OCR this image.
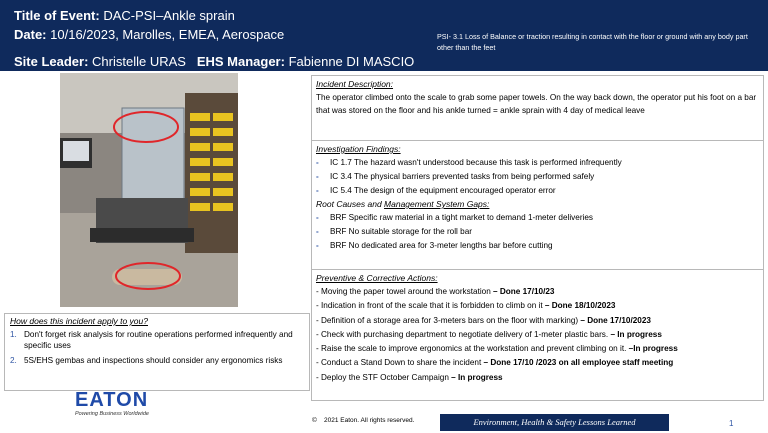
Title of Event: DAC-PSI–Ankle sprain
Date: 10/16/2023, Marolles, EMEA, Aerospace
Site Leader: Christelle URAS EHS Manager: Fabienne DI MASCIO
PSI- 3.1 Loss of Balance or traction resulting in contact with the floor or ground with any body part other than the feet
Incident Description:
The operator climbed onto the scale to grab some paper towels. On the way back down, the operator put his foot on a bar that was stored on the floor and his ankle turned = ankle sprain with 4 day of medical leave
Investigation Findings:
- IC 1.7 The hazard wasn't understood because this task is performed infrequently
- IC 3.4 The physical barriers prevented tasks from being performed safely
- IC 5.4 The design of the equipment encouraged operator error
Root Causes and Management System Gaps:
- BRF Specific raw material in a tight market to demand 1-meter deliveries
- BRF No suitable storage for the roll bar
- BRF No dedicated area for 3-meter lengths bar before cutting
Preventive & Corrective Actions:
- Moving the paper towel around the workstation – Done 17/10/23
- Indication in front of the scale that it is forbidden to climb on it – Done 18/10/2023
- Definition of a storage area for 3-meters bars on the floor with marking) – Done 17/10/2023
- Check with purchasing department to negotiate delivery of 1-meter plastic bars. – In progress
- Raise the scale to improve ergonomics at the workstation and prevent climbing on it. –In progress
- Conduct a Stand Down to share the incident – Done 17/10 /2023 on all employee staff meeting
- Deploy the STF October Campaign – In progress
How does this incident apply to you?
1. Don't forget risk analysis for routine operations performed infrequently and specific uses
2. 5S/EHS gembas and inspections should consider any ergonomics risks
EATON
Powering Business Worldwide
© 2021 Eaton. All rights reserved.	Environment, Health & Safety Lessons Learned	1
